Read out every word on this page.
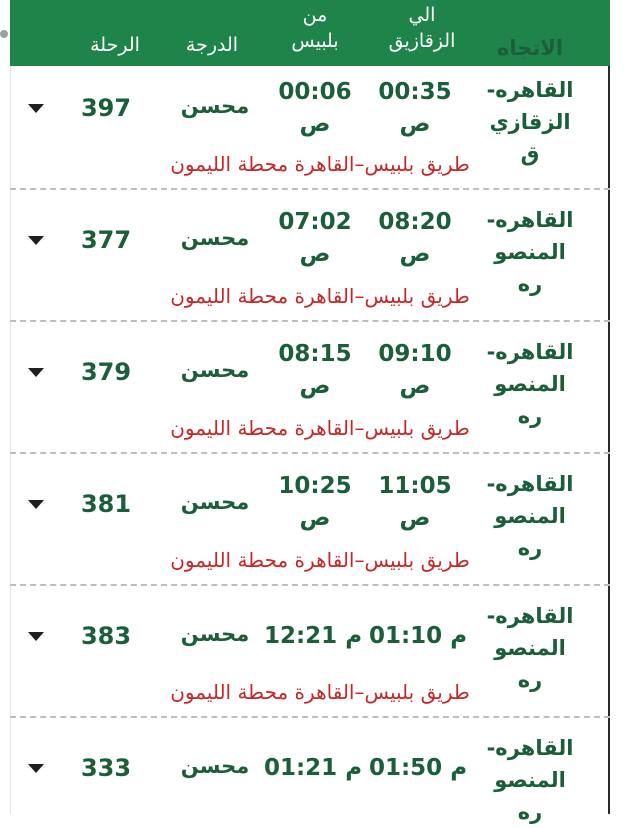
الاتجاه
الي
الزقازيق
من
بلبيس
الدرجة
الرحلة
القاهره-الزقازي
ق
00:35
ص
00:06
ص
محسن
397
طريق بلبيس–القاهرة محطة الليمون
القاهره-المنصو
ره
08:20
ص
07:02
ص
محسن
377
طريق بلبيس–القاهرة محطة الليمون
القاهره-المنصو
ره
09:10
ص
08:15
ص
محسن
379
طريق بلبيس–القاهرة محطة الليمون
القاهره-المنصو
ره
11:05
ص
10:25
ص
محسن
381
طريق بلبيس–القاهرة محطة الليمون
القاهره-المنصو
ره
01:10 م
12:21 م
محسن
383
طريق بلبيس–القاهرة محطة الليمون
القاهره-المنصو
ره
01:50 م
01:21 م
محسن
333
